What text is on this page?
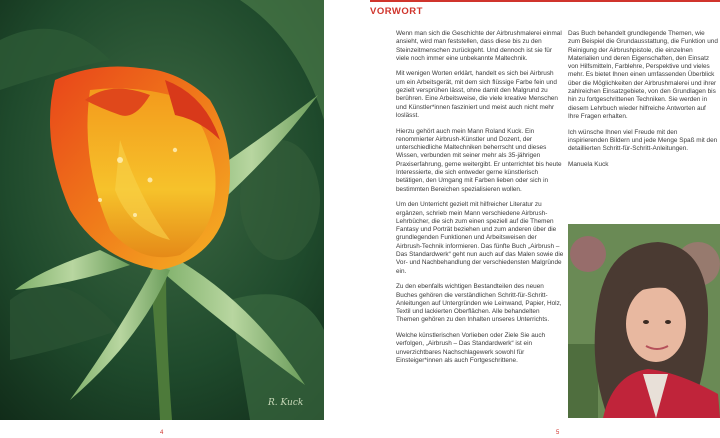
R. Kuck
4
VORWORT

Wenn man sich die Geschichte der Airbrushmalerei einmal ansieht, wird man feststellen, dass diese bis zu den Steinzeitmenschen zurückgeht. Und dennoch ist sie für viele noch immer eine unbekannte Maltechnik.

Mit wenigen Worten erklärt, handelt es sich bei Airbrush um ein Arbeitsgerät, mit dem sich flüssige Farbe fein und gezielt versprühen lässt, ohne damit den Malgrund zu berühren. Eine Arbeitsweise, die viele kreative Menschen und Künstler*innen fasziniert und meist auch nicht mehr loslässt.

Hierzu gehört auch mein Mann Roland Kuck. Ein renommierter Airbrush-Künstler und Dozent, der unterschiedliche Maltechniken beherrscht und dieses Wissen, verbunden mit seiner mehr als 35-jährigen Praxiserfahrung, gerne weitergibt. Er unterrichtet bis heute Interessierte, die sich entweder gerne künstlerisch betätigen, den Umgang mit Farben lieben oder sich in bestimmten Bereichen spezialisieren wollen.

Um den Unterricht gezielt mit hilfreicher Literatur zu ergänzen, schrieb mein Mann verschiedene Airbrush-Lehrbücher, die sich zum einen speziell auf die Themen Fantasy und Porträt beziehen und zum anderen über die grundlegenden Funktionen und Arbeitsweisen der Airbrush-Technik informieren. Das fünfte Buch „Airbrush – Das Standardwerk“ geht nun auch auf das Malen sowie die Vor- und Nachbehandlung der verschiedensten Malgründe ein.

Zu den ebenfalls wichtigen Bestandteilen des neuen Buches gehören die verständlichen Schritt-für-Schritt-Anleitungen auf Untergründen wie Leinwand, Papier, Holz, Textil und lackierten Oberflächen. Alle behandelten Themen gehören zu den Inhalten unseres Unterrichts.

Welche künstlerischen Vorlieben oder Ziele Sie auch verfolgen, „Airbrush – Das Standardwerk“ ist ein unverzichtbares Nachschlagewerk sowohl für Einsteiger*innen als auch Fortgeschrittene.

Das Buch behandelt grundlegende Themen, wie zum Beispiel die Grundausstattung, die Funktion und Reinigung der Airbrushpistole, die einzelnen Materialien und deren Eigenschaften, den Einsatz von Hilfsmitteln, Farblehre, Perspektive und vieles mehr. Es bietet Ihnen einen umfassenden Überblick über die Möglichkeiten der Airbrushmalerei und ihrer zahlreichen Einsatzgebiete, von den Grundlagen bis hin zu fortgeschrittenen Techniken. Sie werden in diesem Lehrbuch wieder hilfreiche Antworten auf Ihre Fragen erhalten.

Ich wünsche Ihnen viel Freude mit den inspirierenden Bildern und jede Menge Spaß mit den detaillierten Schritt-für-Schritt-Anleitungen.

Manuela Kuck

5
